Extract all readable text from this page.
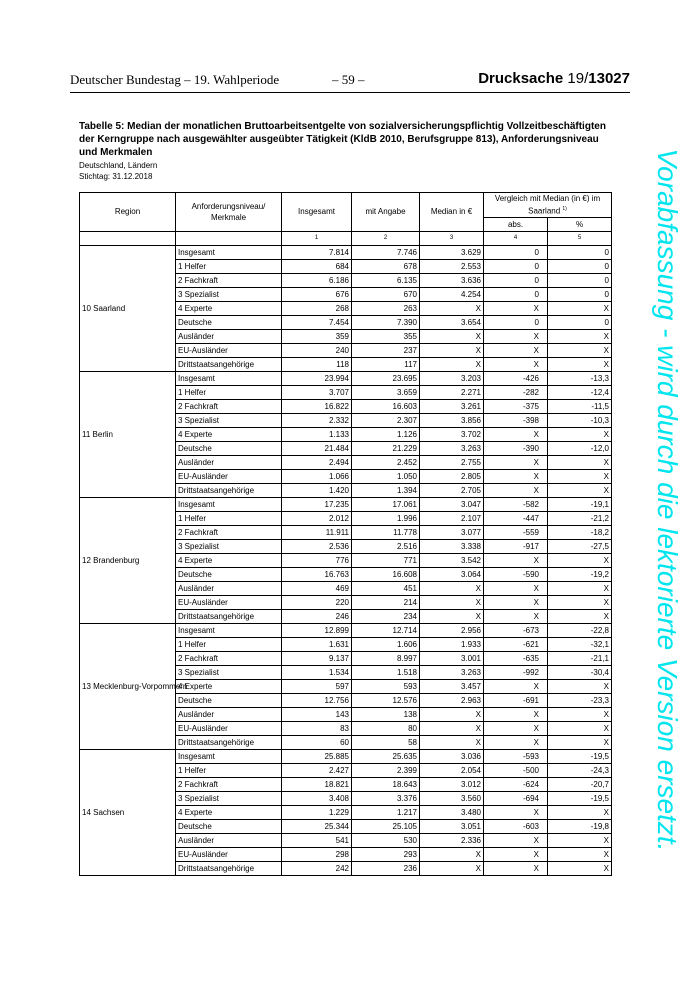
Deutscher Bundestag – 19. Wahlperiode	– 59 –	Drucksache 19/13027
Tabelle 5: Median der monatlichen Bruttoarbeitsentgelte von sozialversicherungspflichtig Vollzeitbeschäftigten der Kerngruppe nach ausgewählter ausgeübter Tätigkeit (KldB 2010, Berufsgruppe 813), Anforderungsniveau und Merkmalen
Deutschland, Ländern
Stichtag: 31.12.2018	Vorabfassung - wird durch die lektorierte Version ersetzt.
Region	Anforderungsniveau/ Merkmale	Insgesamt	mit Angabe	Median in €	Vergleich mit Median (in €) im Saarland $^{1)}$
					abs.	%
		1	2	3	4	5
10 Saarland	Insgesamt	7.814	7.746	3.629	0	0
	1 Helfer	684	678	2.553	0	0
	2 Fachkraft	6.186	6.135	3.636	0	0
	3 Spezialist	676	670	4.254	0	0
	4 Experte	268	263	X	X	X
	Deutsche	7.454	7.390	3.654	0	0
	Ausländer	359	355	X	X	X
	EU-Ausländer	240	237	X	X	X
	Drittstaatsangehörige	118	117	X	X	X
11 Berlin	Insgesamt	23.994	23.695	3.203	-426	-13,3
	1 Helfer	3.707	3.659	2.271	-282	-12,4
	2 Fachkraft	16.822	16.603	3.261	-375	-11,5
	3 Spezialist	2.332	2.307	3.856	-398	-10,3
	4 Experte	1.133	1.126	3.702	X	X
	Deutsche	21.484	21.229	3.263	-390	-12,0
	Ausländer	2.494	2.452	2.755	X	X
	EU-Ausländer	1.066	1.050	2.805	X	X
	Drittstaatsangehörige	1.420	1.394	2.705	X	X
12 Brandenburg	Insgesamt	17.235	17.061	3.047	-582	-19,1
	1 Helfer	2.012	1.996	2.107	-447	-21,2
	2 Fachkraft	11.911	11.778	3.077	-559	-18,2
	3 Spezialist	2.536	2.516	3.338	-917	-27,5
	4 Experte	776	771	3.542	X	X
	Deutsche	16.763	16.608	3.064	-590	-19,2
	Ausländer	469	451	X	X	X
	EU-Ausländer	220	214	X	X	X
	Drittstaatsangehörige	246	234	X	X	X
13 Mecklenburg-Vorpommern	Insgesamt	12.899	12.714	2.956	-673	-22,8
	1 Helfer	1.631	1.606	1.933	-621	-32,1
	2 Fachkraft	9.137	8.997	3.001	-635	-21,1
	3 Spezialist	1.534	1.518	3.263	-992	-30,4
	4 Experte	597	593	3.457	X	X
	Deutsche	12.756	12.576	2.963	-691	-23,3
	Ausländer	143	138	X	X	X
	EU-Ausländer	83	80	X	X	X
	Drittstaatsangehörige	60	58	X	X	X
14 Sachsen	Insgesamt	25.885	25.635	3.036	-593	-19,5
	1 Helfer	2.427	2.399	2.054	-500	-24,3
	2 Fachkraft	18.821	18.643	3.012	-624	-20,7
	3 Spezialist	3.408	3.376	3.560	-694	-19,5
	4 Experte	1.229	1.217	3.480	X	X
	Deutsche	25.344	25.105	3.051	-603	-19,8
	Ausländer	541	530	2.336	X	X
	EU-Ausländer	298	293	X	X	X
	Drittstaatsangehörige	242	236	X	X	X
